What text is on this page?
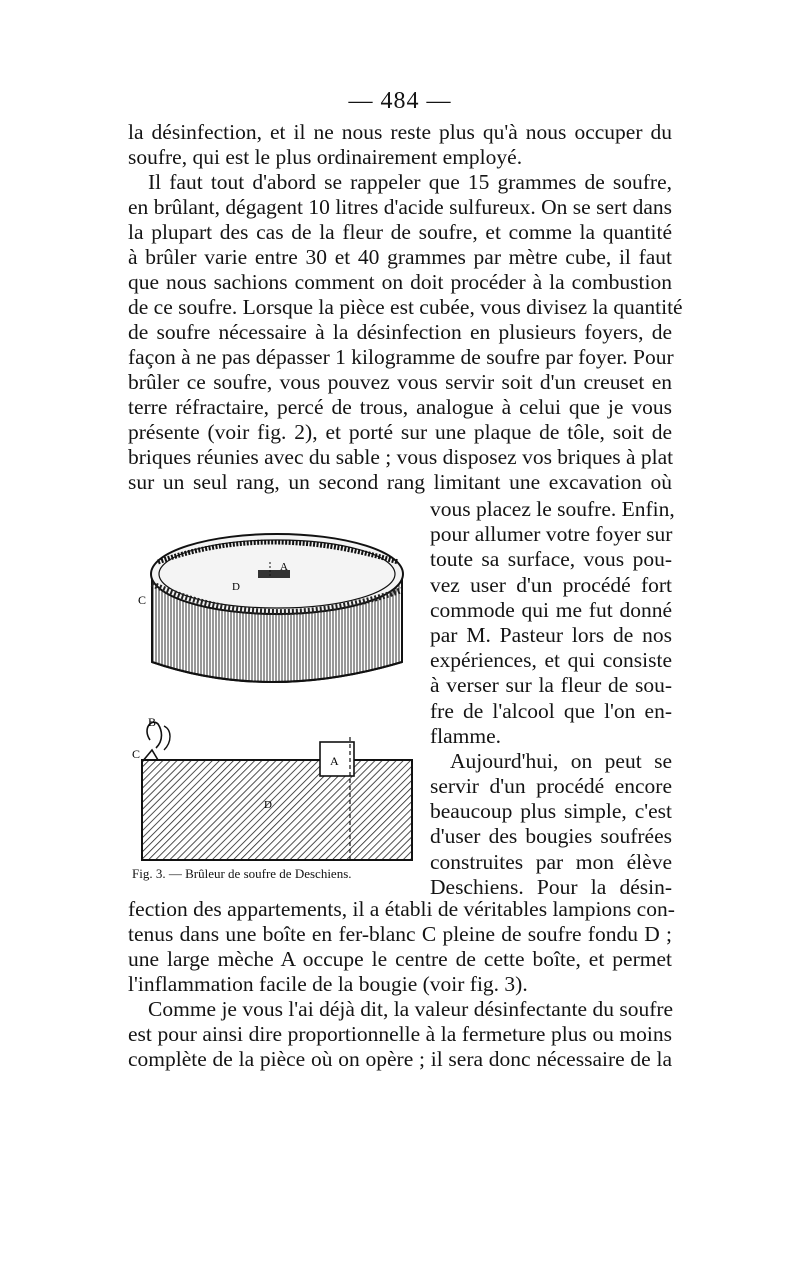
— 484 —
la désinfection, et il ne nous reste plus qu'à nous occuper du
soufre, qui est le plus ordinairement employé.
Il faut tout d'abord se rappeler que 15 grammes de soufre,
en brûlant, dégagent 10 litres d'acide sulfureux. On se sert dans
la plupart des cas de la fleur de soufre, et comme la quantité
à brûler varie entre 30 et 40 grammes par mètre cube, il faut
que nous sachions comment on doit procéder à la combustion
de ce soufre. Lorsque la pièce est cubée, vous divisez la quantité
de soufre nécessaire à la désinfection en plusieurs foyers, de
façon à ne pas dépasser 1 kilogramme de soufre par foyer. Pour
brûler ce soufre, vous pouvez vous servir soit d'un creuset en
terre réfractaire, percé de trous, analogue à celui que je vous
présente (voir fig. 2), et porté sur une plaque de tôle, soit de
briques réunies avec du sable ; vous disposez vos briques à plat
sur un seul rang, un second rang limitant une excavation où
A
D
C
B
C	A
D
Fig. 3. — Brûleur de soufre de Deschiens.
vous placez le soufre. Enfin,
pour allumer votre foyer sur
toute sa surface, vous pou-
vez user d'un procédé fort
commode qui me fut donné
par M. Pasteur lors de nos
expériences, et qui consiste
à verser sur la fleur de sou-
fre de l'alcool que l'on en-
flamme.
Aujourd'hui, on peut se
servir d'un procédé encore
beaucoup plus simple, c'est
d'user des bougies soufrées
construites par mon élève
Deschiens. Pour la désin-
fection des appartements, il a établi de véritables lampions con-
tenus dans une boîte en fer-blanc C pleine de soufre fondu D ;
une large mèche A occupe le centre de cette boîte, et permet
l'inflammation facile de la bougie (voir fig. 3).
Comme je vous l'ai déjà dit, la valeur désinfectante du soufre
est pour ainsi dire proportionnelle à la fermeture plus ou moins
complète de la pièce où on opère ; il sera donc nécessaire de la
